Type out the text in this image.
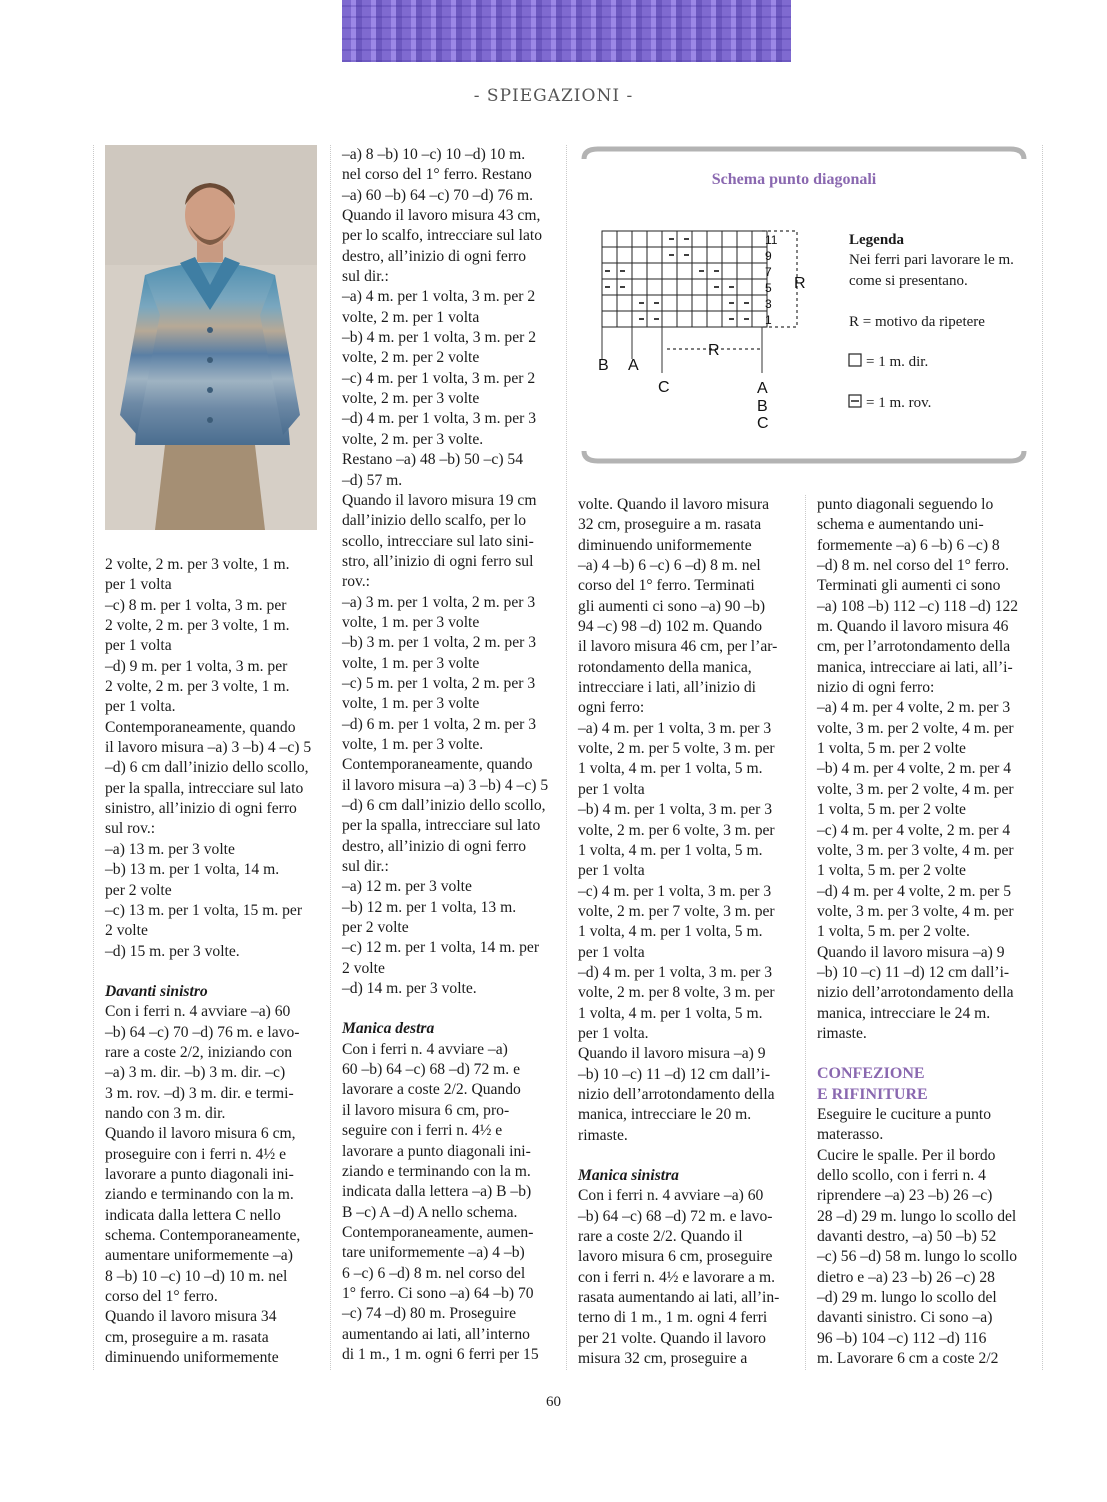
- SPIEGAZIONI -
Schema punto diagonali
11
9
7
5
3
1
R
R
B A
C	A
B
C
Legenda
Nei ferri pari lavorare le m.
come si presentano.
R = motivo da ripetere
= 1 m. dir.
= 1 m. rov.

2 volte, 2 m. per 3 volte, 1 m.

per 1 volta

–c) 8 m. per 1 volta, 3 m. per

2 volte, 2 m. per 3 volte, 1 m.

per 1 volta

–d) 9 m. per 1 volta, 3 m. per

2 volte, 2 m. per 3 volte, 1 m.

per 1 volta.

Contemporaneamente, quando

il lavoro misura –a) 3 –b) 4 –c) 5

–d) 6 cm dall’inizio dello scollo,

per la spalla, intrecciare sul lato

sinistro, all’inizio di ogni ferro

sul rov.:

–a) 13 m. per 3 volte

–b) 13 m. per 1 volta, 14 m.

per 2 volte

–c) 13 m. per 1 volta, 15 m. per

2 volte

–d) 15 m. per 3 volte.

Davanti sinistro

Con i ferri n. 4 avviare –a) 60

–b) 64 –c) 70 –d) 76 m. e lavo-

rare a coste 2/2, iniziando con

–a) 3 m. dir. –b) 3 m. dir. –c)

3 m. rov. –d) 3 m. dir. e termi-

nando con 3 m. dir.

Quando il lavoro misura 6 cm,

proseguire con i ferri n. 4½ e

lavorare a punto diagonali ini-

ziando e terminando con la m.

indicata dalla lettera C nello

schema. Contemporaneamente,

aumentare uniformemente –a)

8 –b) 10 –c) 10 –d) 10 m. nel

corso del 1° ferro.

Quando il lavoro misura 34

cm, proseguire a m. rasata

diminuendo uniformemente

–a) 8 –b) 10 –c) 10 –d) 10 m.

nel corso del 1° ferro. Restano

–a) 60 –b) 64 –c) 70 –d) 76 m.

Quando il lavoro misura 43 cm,

per lo scalfo, intrecciare sul lato

destro, all’inizio di ogni ferro

sul dir.:

–a) 4 m. per 1 volta, 3 m. per 2

volte, 2 m. per 1 volta

–b) 4 m. per 1 volta, 3 m. per 2

volte, 2 m. per 2 volte

–c) 4 m. per 1 volta, 3 m. per 2

volte, 2 m. per 3 volte

–d) 4 m. per 1 volta, 3 m. per 3

volte, 2 m. per 3 volte.

Restano –a) 48 –b) 50 –c) 54

–d) 57 m.

Quando il lavoro misura 19 cm

dall’inizio dello scalfo, per lo

scollo, intrecciare sul lato sini-

stro, all’inizio di ogni ferro sul

rov.:

–a) 3 m. per 1 volta, 2 m. per 3

volte, 1 m. per 3 volte

–b) 3 m. per 1 volta, 2 m. per 3

volte, 1 m. per 3 volte

–c) 5 m. per 1 volta, 2 m. per 3

volte, 1 m. per 3 volte

–d) 6 m. per 1 volta, 2 m. per 3

volte, 1 m. per 3 volte.

Contemporaneamente, quando

il lavoro misura –a) 3 –b) 4 –c) 5

–d) 6 cm dall’inizio dello scollo,

per la spalla, intrecciare sul lato

destro, all’inizio di ogni ferro

sul dir.:

–a) 12 m. per 3 volte

–b) 12 m. per 1 volta, 13 m.

per 2 volte

–c) 12 m. per 1 volta, 14 m. per

2 volte

–d) 14 m. per 3 volte.

Manica destra

Con i ferri n. 4 avviare –a)

60 –b) 64 –c) 68 –d) 72 m. e

lavorare a coste 2/2. Quando

il lavoro misura 6 cm, pro-

seguire con i ferri n. 4½ e

lavorare a punto diagonali ini-

ziando e terminando con la m.

indicata dalla lettera –a) B –b)

B –c) A –d) A nello schema.

Contemporaneamente, aumen-

tare uniformemente –a) 4 –b)

6 –c) 6 –d) 8 m. nel corso del

1° ferro. Ci sono –a) 64 –b) 70

–c) 74 –d) 80 m. Proseguire

aumentando ai lati, all’interno

di 1 m., 1 m. ogni 6 ferri per 15

volte. Quando il lavoro misura

32 cm, proseguire a m. rasata

diminuendo uniformemente

–a) 4 –b) 6 –c) 6 –d) 8 m. nel

corso del 1° ferro. Terminati

gli aumenti ci sono –a) 90 –b)

94 –c) 98 –d) 102 m. Quando

il lavoro misura 46 cm, per l’ar-

rotondamento della manica,

intrecciare i lati, all’inizio di

ogni ferro:

–a) 4 m. per 1 volta, 3 m. per 3

volte, 2 m. per 5 volte, 3 m. per

1 volta, 4 m. per 1 volta, 5 m.

per 1 volta

–b) 4 m. per 1 volta, 3 m. per 3

volte, 2 m. per 6 volte, 3 m. per

1 volta, 4 m. per 1 volta, 5 m.

per 1 volta

–c) 4 m. per 1 volta, 3 m. per 3

volte, 2 m. per 7 volte, 3 m. per

1 volta, 4 m. per 1 volta, 5 m.

per 1 volta

–d) 4 m. per 1 volta, 3 m. per 3

volte, 2 m. per 8 volte, 3 m. per

1 volta, 4 m. per 1 volta, 5 m.

per 1 volta.

Quando il lavoro misura –a) 9

–b) 10 –c) 11 –d) 12 cm dall’i-

nizio dell’arrotondamento della

manica, intrecciare le 20 m.

rimaste.

Manica sinistra

Con i ferri n. 4 avviare –a) 60

–b) 64 –c) 68 –d) 72 m. e lavo-

rare a coste 2/2. Quando il

lavoro misura 6 cm, proseguire

con i ferri n. 4½ e lavorare a m.

rasata aumentando ai lati, all’in-

terno di 1 m., 1 m. ogni 4 ferri

per 21 volte. Quando il lavoro

misura 32 cm, proseguire a

punto diagonali seguendo lo

schema e aumentando uni-

formemente –a) 6 –b) 6 –c) 8

–d) 8 m. nel corso del 1° ferro.

Terminati gli aumenti ci sono

–a) 108 –b) 112 –c) 118 –d) 122

m. Quando il lavoro misura 46

cm, per l’arrotondamento della

manica, intrecciare ai lati, all’i-

nizio di ogni ferro:

–a) 4 m. per 4 volte, 2 m. per 3

volte, 3 m. per 2 volte, 4 m. per

1 volta, 5 m. per 2 volte

–b) 4 m. per 4 volte, 2 m. per 4

volte, 3 m. per 2 volte, 4 m. per

1 volta, 5 m. per 2 volte

–c) 4 m. per 4 volte, 2 m. per 4

volte, 3 m. per 3 volte, 4 m. per

1 volta, 5 m. per 2 volte

–d) 4 m. per 4 volte, 2 m. per 5

volte, 3 m. per 3 volte, 4 m. per

1 volta, 5 m. per 2 volte.

Quando il lavoro misura –a) 9

–b) 10 –c) 11 –d) 12 cm dall’i-

nizio dell’arrotondamento della

manica, intrecciare le 24 m.

rimaste.

CONFEZIONE
E RIFINITURE

Eseguire le cuciture a punto

materasso.

Cucire le spalle. Per il bordo

dello scollo, con i ferri n. 4

riprendere –a) 23 –b) 26 –c)

28 –d) 29 m. lungo lo scollo del

davanti destro, –a) 50 –b) 52

–c) 56 –d) 58 m. lungo lo scollo

dietro e –a) 23 –b) 26 –c) 28

–d) 29 m. lungo lo scollo del

davanti sinistro. Ci sono –a)

96 –b) 104 –c) 112 –d) 116

m. Lavorare 6 cm a coste 2/2

60
